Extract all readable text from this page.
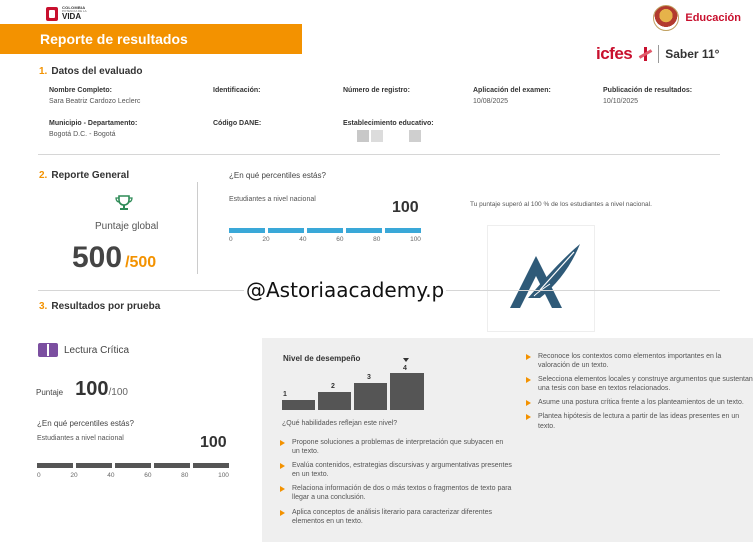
COLOMBIA
POTENCIA DE LA
VIDA	Educación
Reporte de resultados
icfes	Saber 11°
1. Datos del evaluado
Nombre Completo:
Sara Beatriz Cardozo Leclerc
Identificación:	Número de registro:	Aplicación del examen:
10/08/2025
Publicación de resultados:
10/10/2025
Municipio - Departamento:
Bogotá D.C. - Bogotá
Código DANE:	Establecimiento educativo:
2. Reporte General
Puntaje global
500 /500
¿En qué percentiles estás?
Estudiantes a nivel nacional	100
0	20	40	60	80	100
Tu puntaje superó al 100 % de los estudiantes a nivel nacional.
@Astoriaacademy.p
3. Resultados por prueba
Lectura Crítica
Puntaje 100 /100
¿En qué percentiles estás?
Estudiantes a nivel nacional	100
0	20	40	60	80	100
Nivel de desempeño
1
2
3
4
¿Qué habilidades reflejan este nivel?
Propone soluciones a problemas de interpretación que subyacen en un texto.
Evalúa contenidos, estrategias discursivas y argumentativas presentes en un texto.
Relaciona información de dos o más textos o fragmentos de texto para llegar a una conclusión.
Aplica conceptos de análisis literario para caracterizar diferentes elementos en un texto.
Reconoce los contextos como elementos importantes en la valoración de un texto.
Selecciona elementos locales y construye argumentos que sustentan una tesis con base en textos relacionados.
Asume una postura crítica frente a los planteamientos de un texto.
Plantea hipótesis de lectura a partir de las ideas presentes en un texto.
